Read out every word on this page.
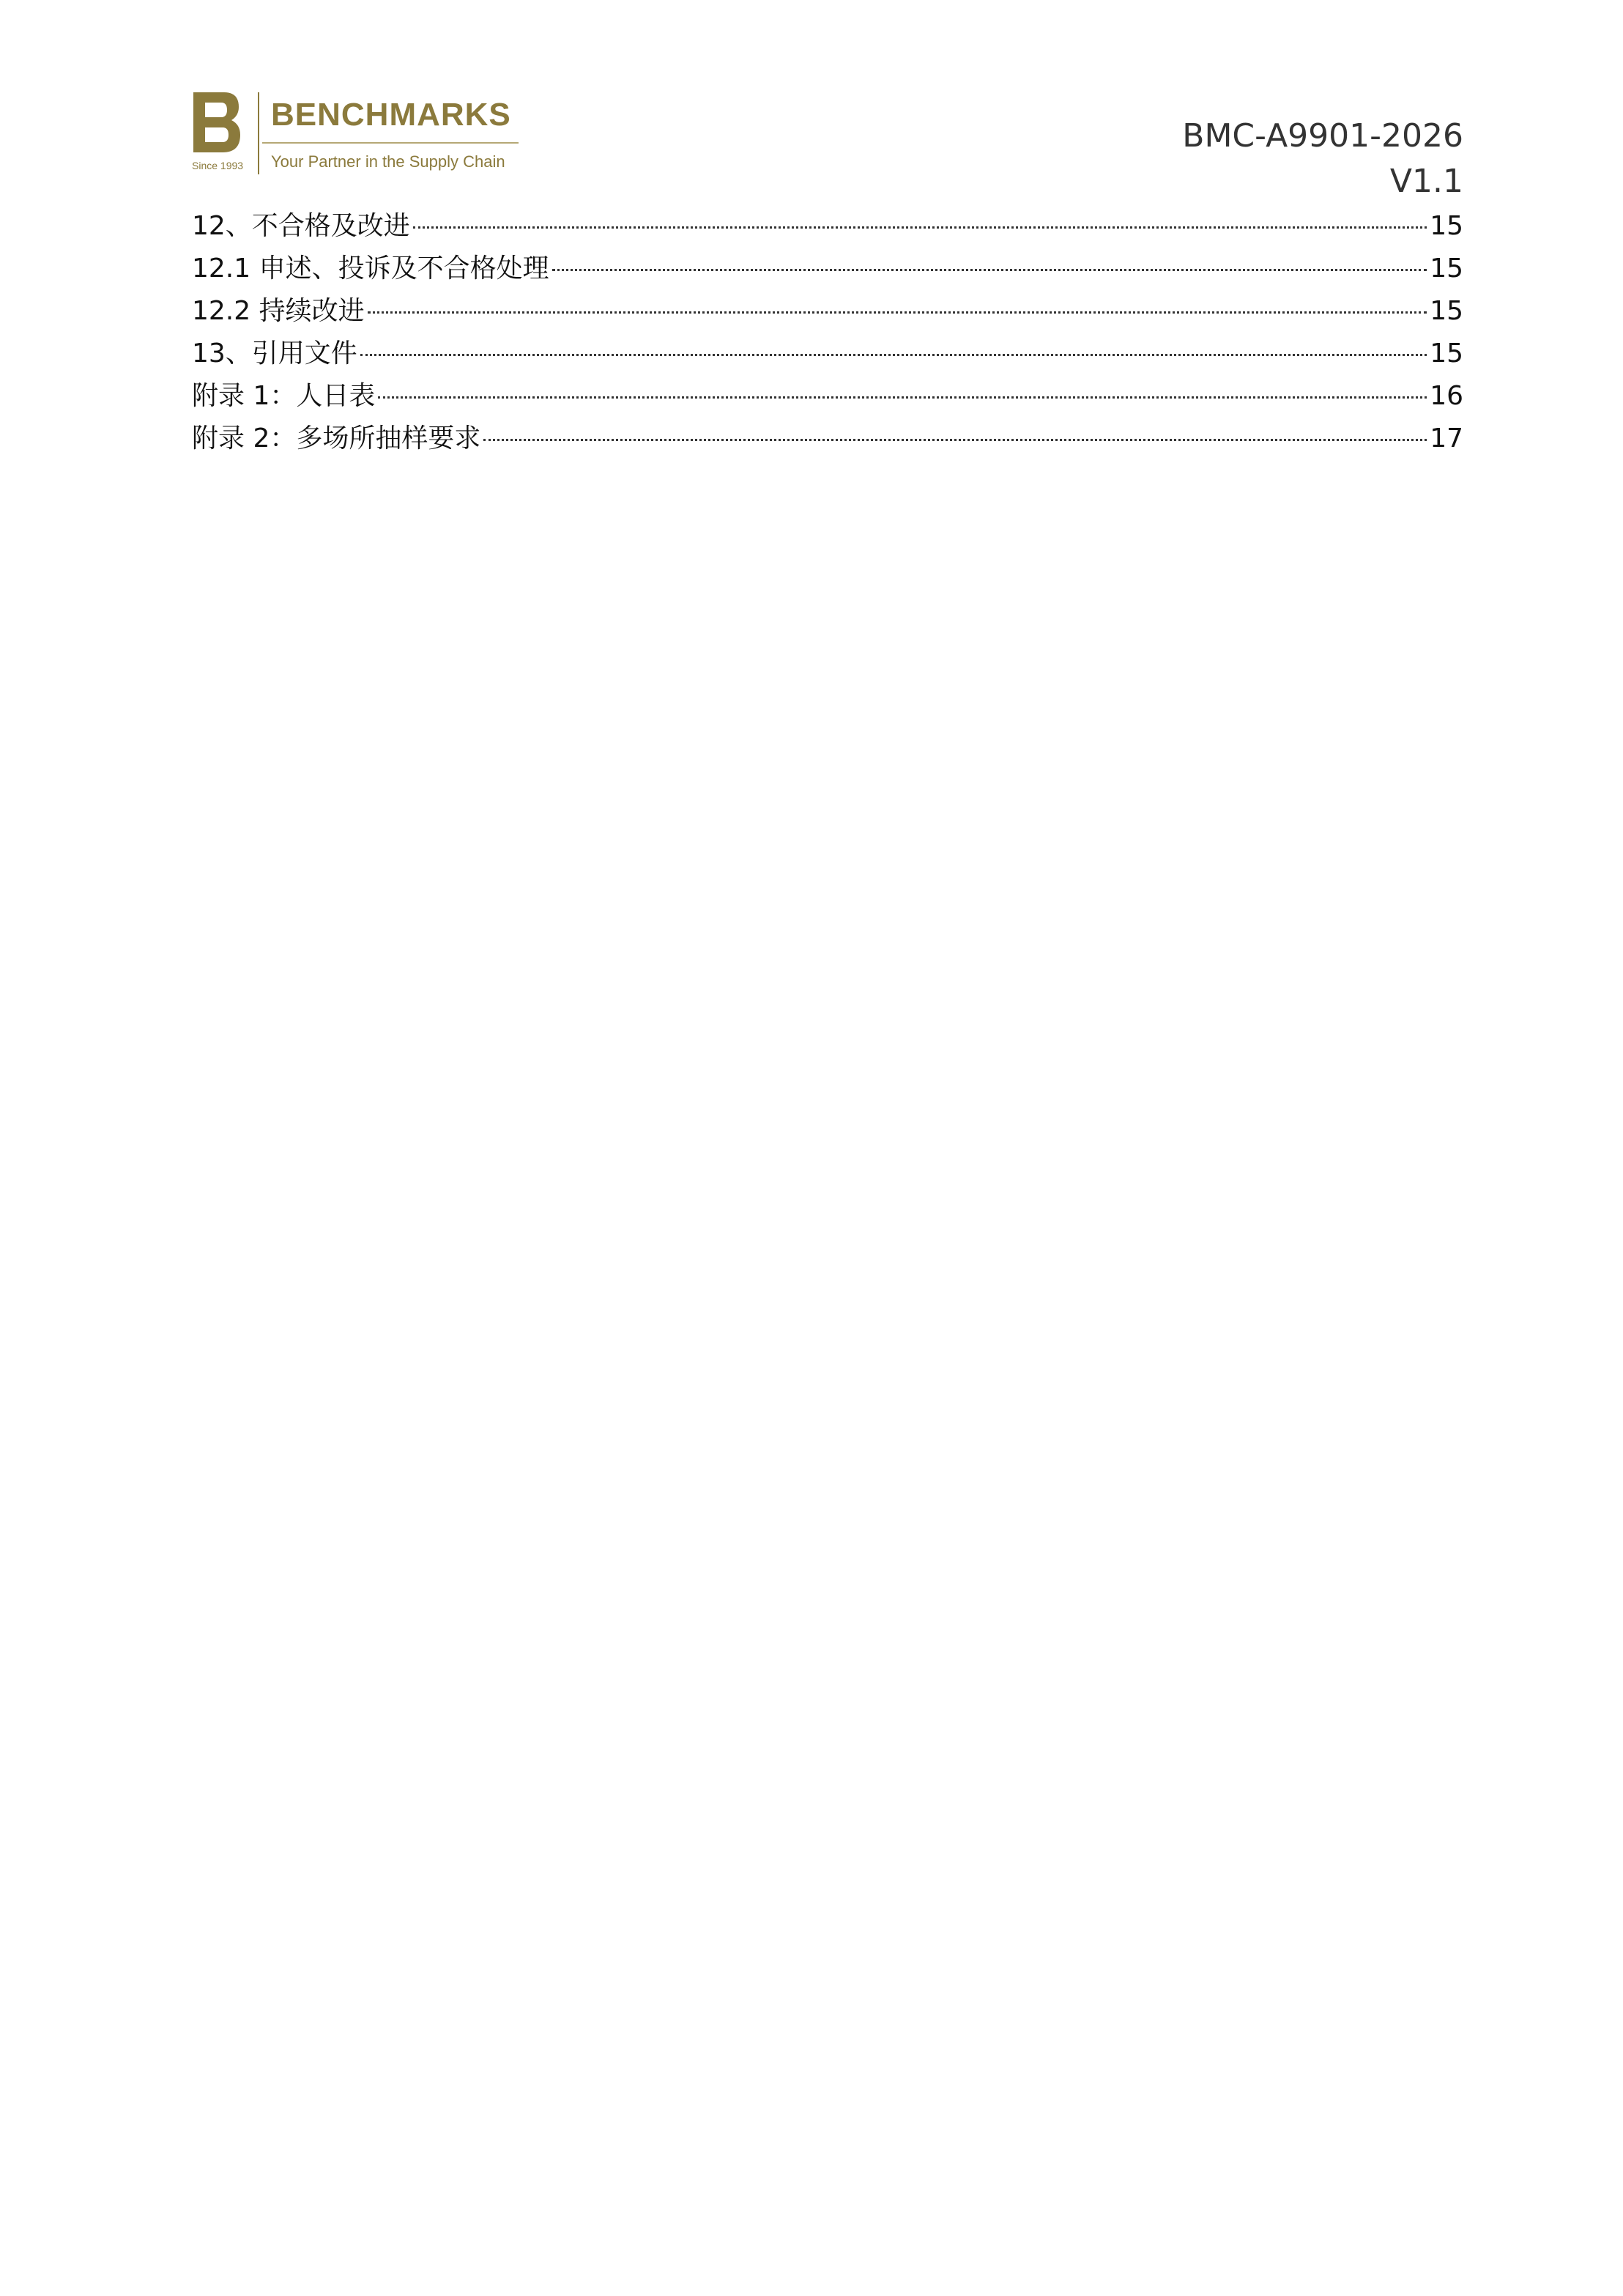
BENCHMARKS
Your Partner in the Supply Chain
Since 1993
BMC-A9901-2026
V1.1
12、不合格及改进	15
12.1 申述、投诉及不合格处理	15
12.2 持续改进	15
13、引用文件	15
附录 1：人日表	16
附录 2：多场所抽样要求	17
